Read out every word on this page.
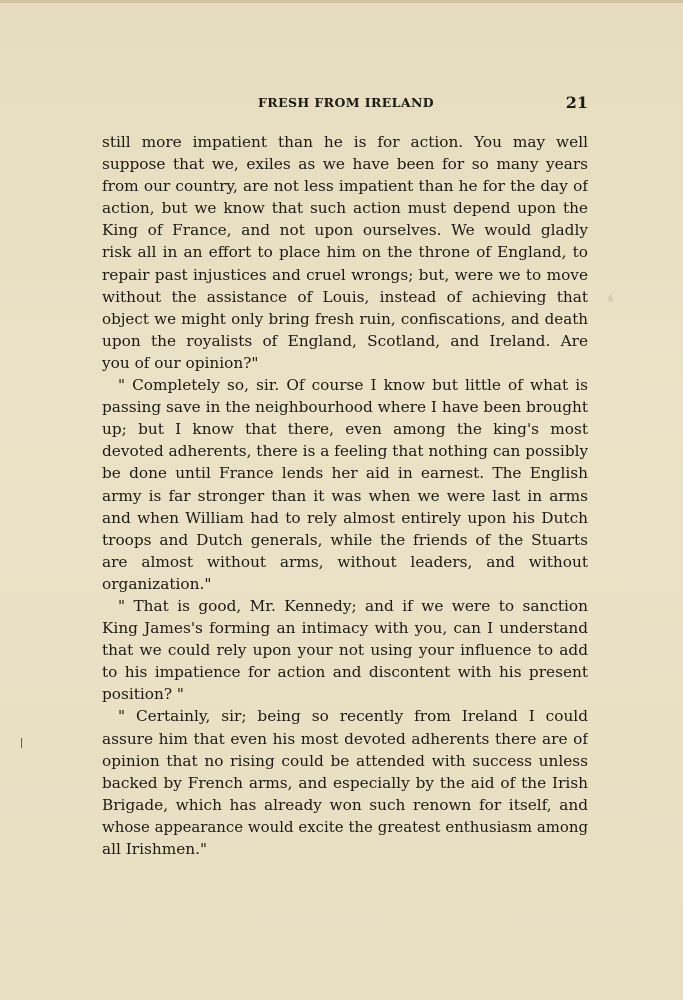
FRESH FROM IRELAND	21
still more impatient than he is for action. You may well
suppose that we, exiles as we have been for so many years
from our country, are not less impatient than he for the day of
action, but we know that such action must depend upon the
King of France, and not upon ourselves. We would gladly
risk all in an effort to place him on the throne of England, to
repair past injustices and cruel wrongs; but, were we to move
without the assistance of Louis, instead of achieving that
object we might only bring fresh ruin, confiscations, and death
upon the royalists of England, Scotland, and Ireland. Are
you of our opinion?"
" Completely so, sir. Of course I know but little of what is
passing save in the neighbourhood where I have been brought
up; but I know that there, even among the king's most
devoted adherents, there is a feeling that nothing can possibly
be done until France lends her aid in earnest. The English
army is far stronger than it was when we were last in arms
and when William had to rely almost entirely upon his Dutch
troops and Dutch generals, while the friends of the Stuarts
are almost without arms, without leaders, and without
organization."
" That is good, Mr. Kennedy; and if we were to sanction
King James's forming an intimacy with you, can I understand
that we could rely upon your not using your influence to add
to his impatience for action and discontent with his present
position? "
" Certainly, sir; being so recently from Ireland I could
assure him that even his most devoted adherents there are of
opinion that no rising could be attended with success unless
backed by French arms, and especially by the aid of the Irish
Brigade, which has already won such renown for itself, and
whose appearance would excite the greatest enthusiasm among
all Irishmen."
